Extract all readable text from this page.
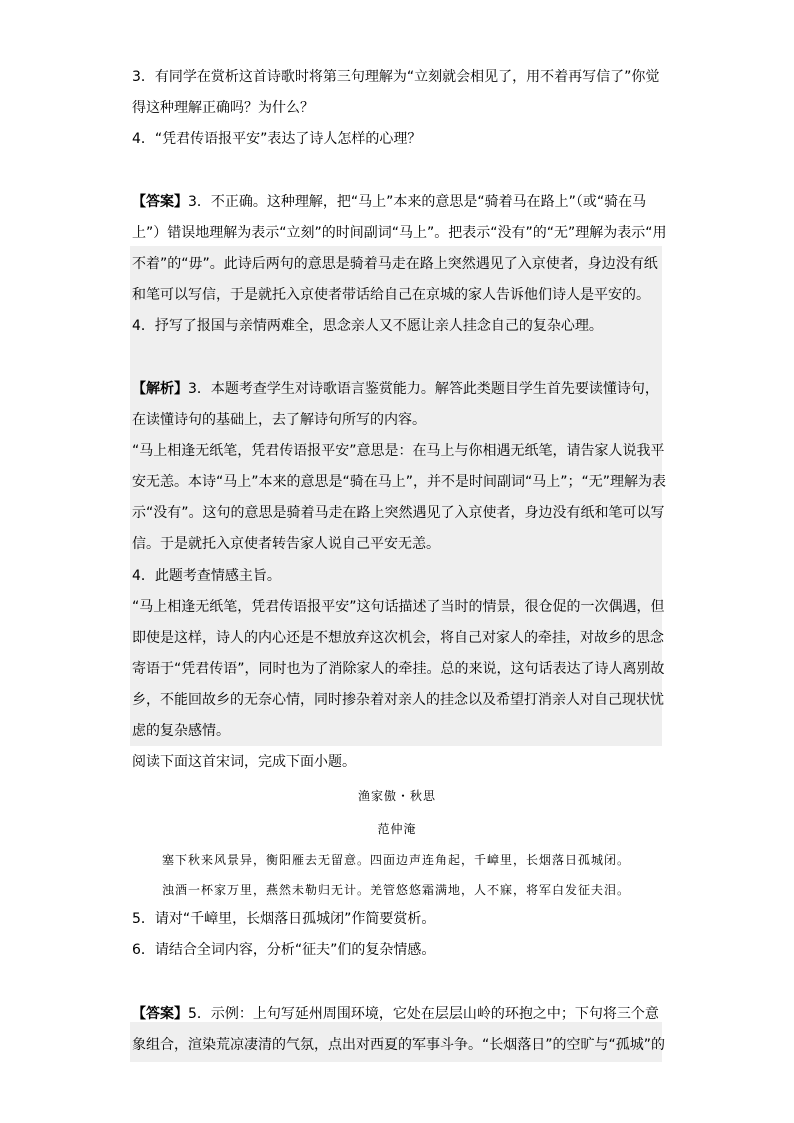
3．有同学在赏析这首诗歌时将第三句理解为“立刻就会相见了，用不着再写信了”你觉
得这种理解正确吗？为什么？
4．“凭君传语报平安”表达了诗人怎样的心理？
【答案】3．不正确。这种理解，把“马上”本来的意思是“骑着马在路上”（或“骑在马
上”）错误地理解为表示“立刻”的时间副词“马上”。把表示“没有”的“无”理解为表示“用
不着”的“毋”。此诗后两句的意思是骑着马走在路上突然遇见了入京使者，身边没有纸
和笔可以写信，于是就托入京使者带话给自己在京城的家人告诉他们诗人是平安的。
4．抒写了报国与亲情两难全，思念亲人又不愿让亲人挂念自己的复杂心理。
【解析】3．本题考查学生对诗歌语言鉴赏能力。解答此类题目学生首先要读懂诗句，
在读懂诗句的基础上，去了解诗句所写的内容。
“马上相逢无纸笔，凭君传语报平安”意思是：在马上与你相遇无纸笔，请告家人说我平
安无恙。本诗“马上”本来的意思是“骑在马上”，并不是时间副词“马上”；“无”理解为表
示“没有”。这句的意思是骑着马走在路上突然遇见了入京使者，身边没有纸和笔可以写
信。于是就托入京使者转告家人说自己平安无恙。
4．此题考查情感主旨。
“马上相逢无纸笔，凭君传语报平安”这句话描述了当时的情景，很仓促的一次偶遇，但
即使是这样，诗人的内心还是不想放弃这次机会，将自己对家人的牵挂，对故乡的思念
寄语于“凭君传语”，同时也为了消除家人的牵挂。总的来说，这句话表达了诗人离别故
乡，不能回故乡的无奈心情，同时掺杂着对亲人的挂念以及希望打消亲人对自己现状忧
虑的复杂感情。
阅读下面这首宋词，完成下面小题。
渔家傲・秋思
范仲淹
塞下秋来风景异，衡阳雁去无留意。四面边声连角起，千嶂里，长烟落日孤城闭。
浊酒一杯家万里，燕然未勒归无计。羌管悠悠霜满地，人不寐，将军白发征夫泪。
5．请对“千嶂里，长烟落日孤城闭”作简要赏析。
6．请结合全词内容，分析“征夫”们的复杂情感。
【答案】5．示例：上句写延州周围环境，它处在层层山岭的环抱之中；下句将三个意
象组合，渲染荒凉凄清的气氛，点出对西夏的军事斗争。“长烟落日”的空旷与“孤城”的
